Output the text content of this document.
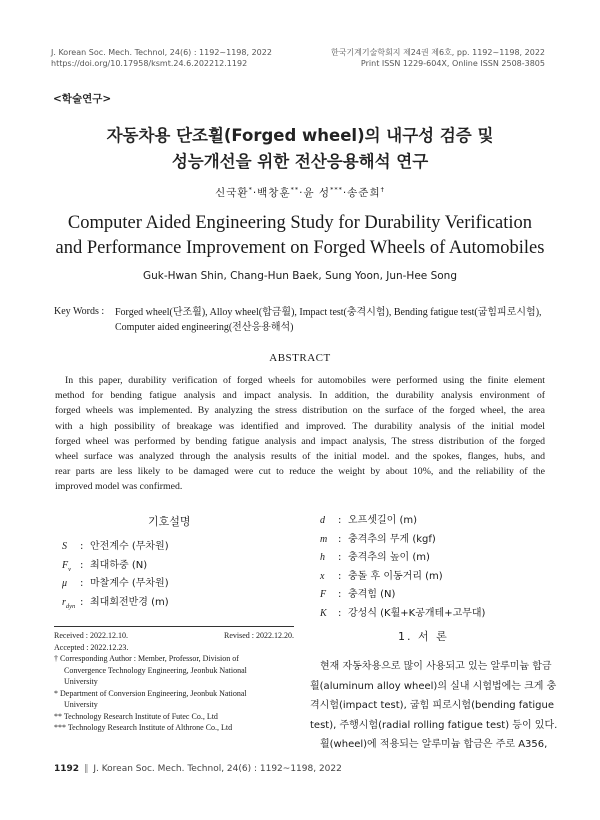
J. Korean Soc. Mech. Technol, 24(6) : 1192~1198, 2022
https://doi.org/10.17958/ksmt.24.6.202212.1192
한국기계기술학회지 제24권 제6호, pp. 1192~1198, 2022
Print ISSN 1229-604X, Online ISSN 2508-3805
<학술연구>
자동차용 단조휠(Forged wheel)의 내구성 검증 및
성능개선을 위한 전산응용해석 연구
신국환*·백창훈**·윤 성***·송준희†
Computer Aided Engineering Study for Durability Verification
and Performance Improvement on Forged Wheels of Automobiles
Guk-Hwan Shin, Chang-Hun Baek, Sung Yoon, Jun-Hee Song
Key Words : Forged wheel(단조휠), Alloy wheel(합금휠), Impact test(충격시험), Bending fatigue test(굽힘피로시험),
Computer aided engineering(전산응용해석)
ABSTRACT
In this paper, durability verification of forged wheels for automobiles were performed using the finite element
method for bending fatigue analysis and impact analysis. In addition, the durability analysis environment of
forged wheels was implemented. By analyzing the stress distribution on the surface of the forged wheel, the area
with a high possibility of breakage was identified and improved. The durability analysis of the initial model
forged wheel was performed by bending fatigue analysis and impact analysis, The stress distribution of the forged
wheel surface was analyzed through the analysis results of the initial model. and the spokes, flanges, hubs, and
rear parts are less likely to be damaged were cut to reduce the weight by about 10%, and the reliability of the
improved model was confirmed.
기호설명
S	: 안전계수 (무차원)
$F_v$ : 최대하중 (N)
μ	: 마찰계수 (무차원)
$r_{dyn}$ : 최대회전반경 (m)
d	: 오프셋길이 (m)
m	: 충격추의 무게 (kgf)
h	: 충격추의 높이 (m)
x	: 충돌 후 이동거리 (m)
F	: 충격힘 (N)
K	: 강성식 (K휠+K공개테+고무대)
Received : 2022.12.10.	Revised : 2022.12.20.
Accepted : 2022.12.23.
† Corresponding Author : Member, Professor, Division of
Convergence Technology Engineering, Jeonbuk National
University
* Department of Conversion Engineering, Jeonbuk National
University
** Technology Research Institute of Futec Co., Ltd
*** Technology Research Institute of Althrone Co., Ltd
1. 서 론
현재 자동차용으로 많이 사용되고 있는 알루미늄 합금
휠(aluminum alloy wheel)의 실내 시험법에는 크게 충
격시험(impact test), 굽힘 피로시험(bending fatigue
test), 주행시험(radial rolling fatigue test) 등이 있다.
휠(wheel)에 적용되는 알루미늄 합금은 주로 A356,
1192 ‖ J. Korean Soc. Mech. Technol, 24(6) : 1192~1198, 2022
